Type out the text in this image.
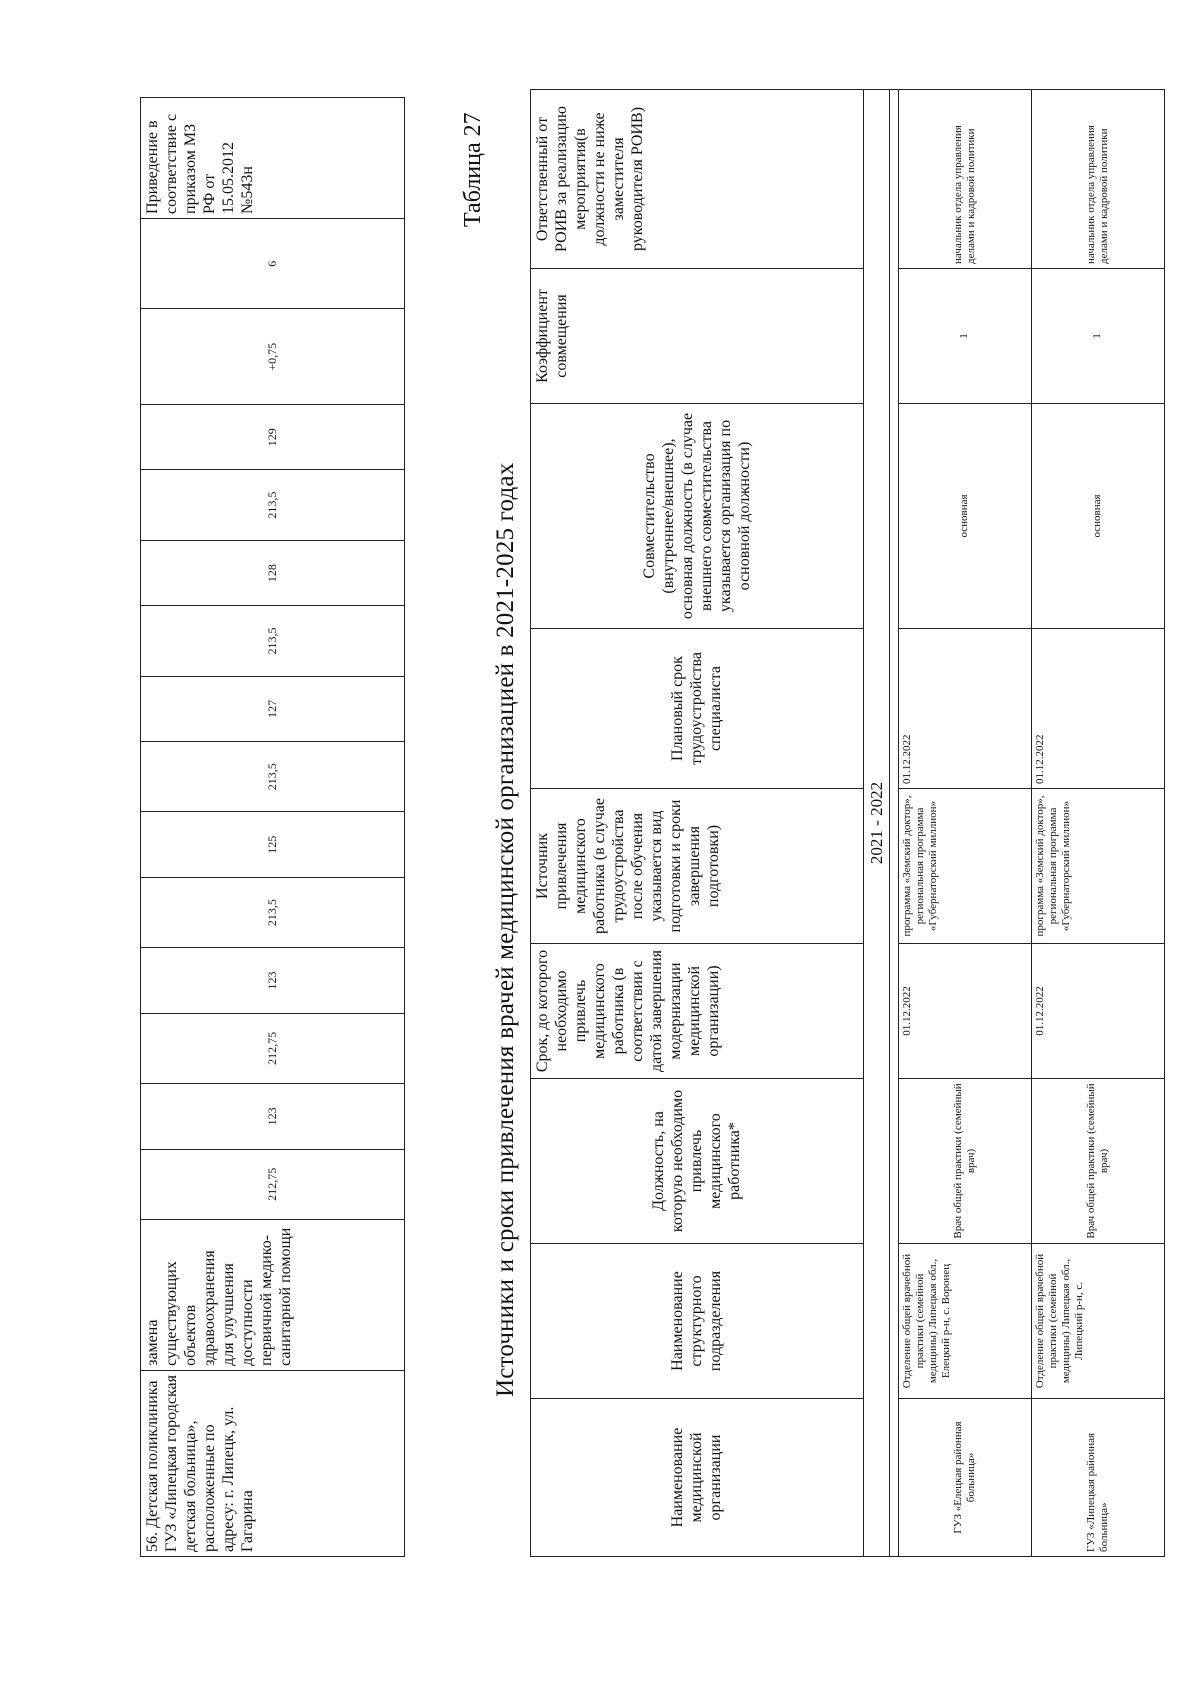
56. Детская поликлиника ГУЗ «Липецкая городская детская больница», расположенные по адресу: г. Липецк, ул. Гагарина	замена существующих объектов здравоохранения для улучшения доступности первичной медико-санитарной помощи	212,75	123	212,75	123	213,5	125	213,5	127	213,5	128	213,5	129	+0,75	6	Приведение в соответствие с приказом МЗ РФ от 15.05.2012 №543н	Таблица 27
Источники и сроки привлечения врачей медицинской организацией в 2021-2025 годах
Наименование медицинской организации	Наименование структурного подразделения	Должность, на которую необходимо привлечь медицинского работника*	Срок, до которого необходимо привлечь медицинского работника (в соответствии с датой завершения модернизации медицинской организации)	Источник привлечения медицинского работника (в случае трудоустройства после обучения указывается вид подготовки и сроки завершения подготовки)	Плановый срок трудоустройства специалиста	Совместительство (внутреннее/внешнее), основная должность (в случае внешнего совместительства указывается организация по основной должности)	Коэффициент совмещения	Ответственный от РОИВ за реализацию мероприятия(в должности не ниже заместителя руководителя РОИВ)
2021 - 2022								

ГУЗ «Елецкая районная больница»	Отделение общей врачебной практики (семейной медицины) Липецкая обл., Елецкий р-н, с. Воронец	Врач общей практики (семейный врач)	01.12.2022	программа «Земский доктор», региональная программа «Губернаторский миллион»	01.12.2022	основная	1	начальник отдела управления делами и кадровой политики
ГУЗ «Липецкая районная больница»	Отделение общей врачебной практики (семейной медицины) Липецкая обл., Липецкий р-н, с.	Врач общей практики (семейный врач)	01.12.2022	программа «Земский доктор», региональная программа «Губернаторский миллион»	01.12.2022	основная	1	начальник отдела управления делами и кадровой политики
